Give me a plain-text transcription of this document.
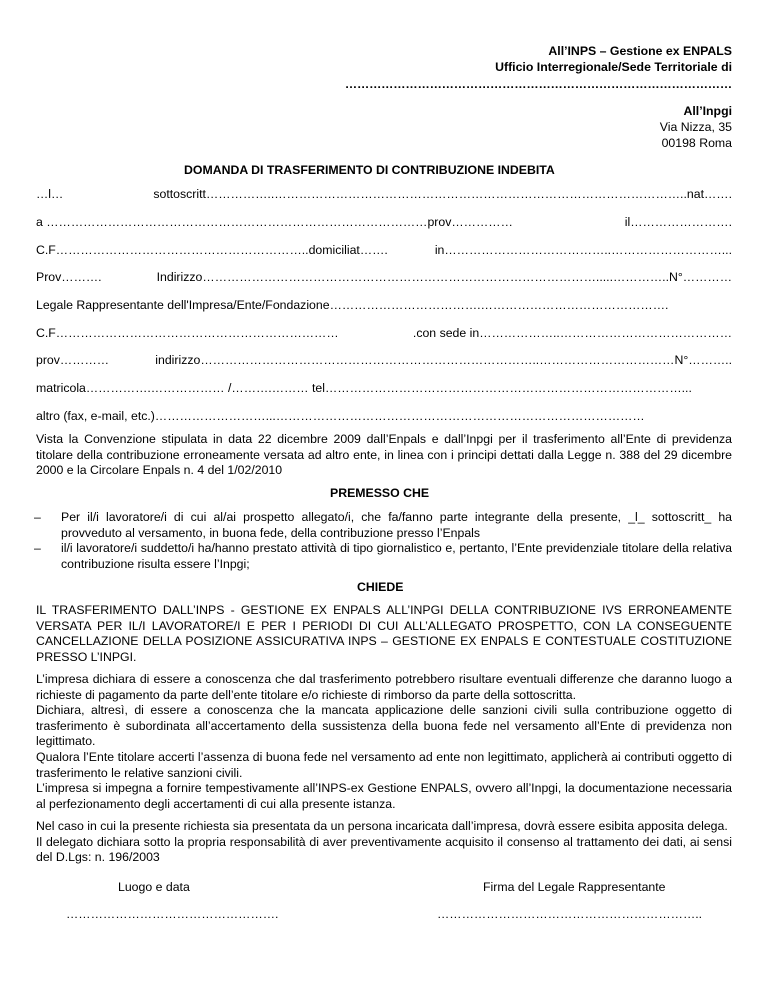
All’INPS – Gestione ex ENPALS
Ufficio Interregionale/Sede Territoriale di
……………………………………………………………………………………
All’Inpgi
Via Nizza, 35
00198 Roma
DOMANDA DI TRASFERIMENTO DI CONTRIBUZIONE INDEBITA
…l…	sottoscritt……………..………………………………………………………………………………………..nat…….
a …………………………………………………………………………………prov……………	il…………………….
C.F……………………………………………………..domiciliat…….	in…………………………………..………………………...
Prov……….	Indirizzo…………………………………………………………………………………….....…………..N°…………
Legale Rappresentante dell'Impresa/Ente/Fondazione……………………………….……………………………………….
C.F……………………………………………………………	.con sede in………………..……………………………………
prov…………	indirizzo………………………………………………………………………..……………………………N°………..
matricola…………….……………… /……….……… tel……………………………………………………………………………...
altro (fax, e-mail, etc.)………………………...………………………………………………………………………………
Vista la Convenzione stipulata in data 22 dicembre 2009 dall’Enpals e dall’Inpgi per il trasferimento all’Ente di previdenza titolare della contribuzione erroneamente versata ad altro ente, in linea con i principi dettati dalla Legge n. 388 del 29 dicembre 2000 e la Circolare Enpals n. 4 del 1/02/2010
PREMESSO CHE
– Per il/i lavoratore/i di cui al/ai prospetto allegato/i, che fa/fanno parte integrante della presente, _l_ sottoscritt_ ha provveduto al versamento, in buona fede, della contribuzione presso l’Enpals
– il/i lavoratore/i suddetto/i ha/hanno prestato attività di tipo giornalistico e, pertanto, l’Ente previdenziale titolare della relativa contribuzione risulta essere l’Inpgi;
CHIEDE
IL TRASFERIMENTO DALL’INPS - GESTIONE EX ENPALS ALL’INPGI DELLA CONTRIBUZIONE IVS ERRONEAMENTE VERSATA PER IL/I LAVORATORE/I E PER I PERIODI DI CUI ALL’ALLEGATO PROSPETTO, CON LA CONSEGUENTE CANCELLAZIONE DELLA POSIZIONE ASSICURATIVA INPS – GESTIONE EX ENPALS E CONTESTUALE COSTITUZIONE PRESSO L’INPGI.
L’impresa dichiara di essere a conoscenza che dal trasferimento potrebbero risultare eventuali differenze che daranno luogo a richieste di pagamento da parte dell’ente titolare e/o richieste di rimborso da parte della sottoscritta.
Dichiara, altresì, di essere a conoscenza che la mancata applicazione delle sanzioni civili sulla contribuzione oggetto di trasferimento è subordinata all’accertamento della sussistenza della buona fede nel versamento all’Ente di previdenza non legittimato.
Qualora l’Ente titolare accerti l’assenza di buona fede nel versamento ad ente non legittimato, applicherà ai contributi oggetto di trasferimento le relative sanzioni civili.
L’impresa si impegna a fornire tempestivamente all’INPS-ex Gestione ENPALS, ovvero all’Inpgi, la documentazione necessaria al perfezionamento degli accertamenti di cui alla presente istanza.
Nel caso in cui la presente richiesta sia presentata da un persona incaricata dall’impresa, dovrà essere esibita apposita delega.
Il delegato dichiara sotto la propria responsabilità di aver preventivamente acquisito il consenso al trattamento dei dati, ai sensi del D.Lgs: n. 196/2003
Luogo e data	Firma del Legale Rappresentante
…………………………………………….	………………………………………………………..
